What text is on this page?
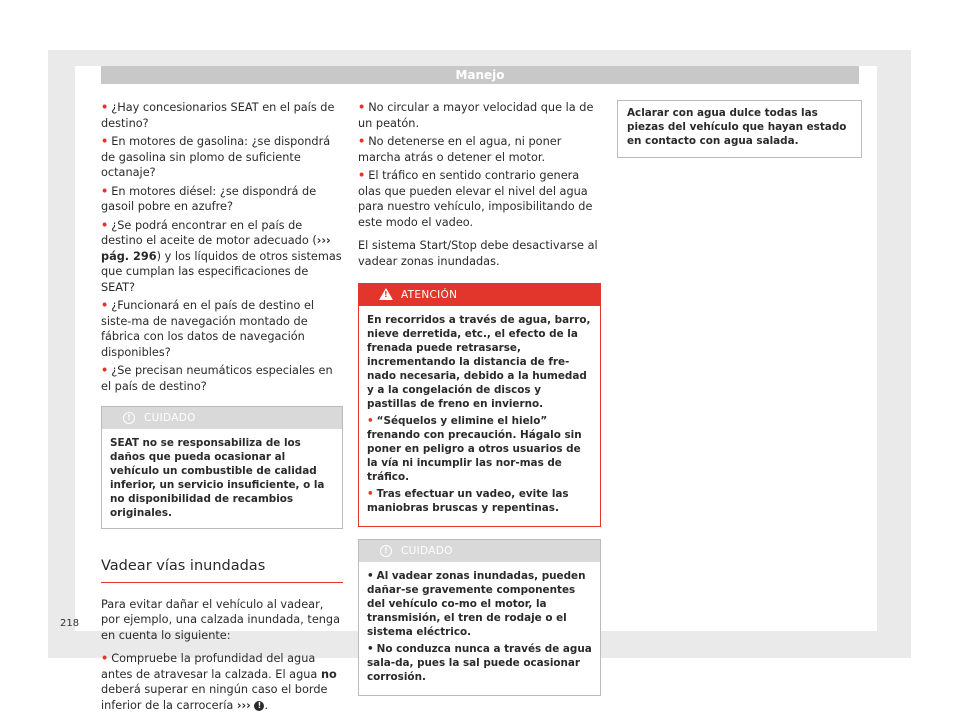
Manejo
• ¿Hay concesionarios SEAT en el país de destino?
• En motores de gasolina: ¿se dispondrá de gasolina sin plomo de suficiente octanaje?
• En motores diésel: ¿se dispondrá de gasoil pobre en azufre?
• ¿Se podrá encontrar en el país de destino el aceite de motor adecuado (››› pág. 296) y los líquidos de otros sistemas que cumplan las especificaciones de SEAT?
• ¿Funcionará en el país de destino el siste-ma de navegación montado de fábrica con los datos de navegación disponibles?
• ¿Se precisan neumáticos especiales en el país de destino?
!	CUIDADO
SEAT no se responsabiliza de los daños que pueda ocasionar al vehículo un combustible de calidad inferior, un servicio insuficiente, o la no disponibilidad de recambios originales.
Vadear vías inundadas
Para evitar dañar el vehículo al vadear, por ejemplo, una calzada inundada, tenga en cuenta lo siguiente:
• Compruebe la profundidad del agua antes de atravesar la calzada. El agua no deberá superar en ningún caso el borde inferior de la carrocería ››› ! .
• No circular a mayor velocidad que la de un peatón.
• No detenerse en el agua, ni poner marcha atrás o detener el motor.
• El tráfico en sentido contrario genera olas que pueden elevar el nivel del agua para nuestro vehículo, imposibilitando de este modo el vadeo.
El sistema Start/Stop debe desactivarse al vadear zonas inundadas.
! ATENCIÓN
En recorridos a través de agua, barro, nieve derretida, etc., el efecto de la frenada puede retrasarse, incrementando la distancia de fre-nado necesaria, debido a la humedad y a la congelación de discos y pastillas de freno en invierno.
• “Séquelos y elimine el hielo” frenando con precaución. Hágalo sin poner en peligro a otros usuarios de la vía ni incumplir las nor-mas de tráfico.
• Tras efectuar un vadeo, evite las maniobras bruscas y repentinas.
!	CUIDADO
• Al vadear zonas inundadas, pueden dañar-se gravemente componentes del vehículo co-mo el motor, la transmisión, el tren de rodaje o el sistema eléctrico.
• No conduzca nunca a través de agua sala-da, pues la sal puede ocasionar corrosión.
Aclarar con agua dulce todas las piezas del vehículo que hayan estado en contacto con agua salada.
218
